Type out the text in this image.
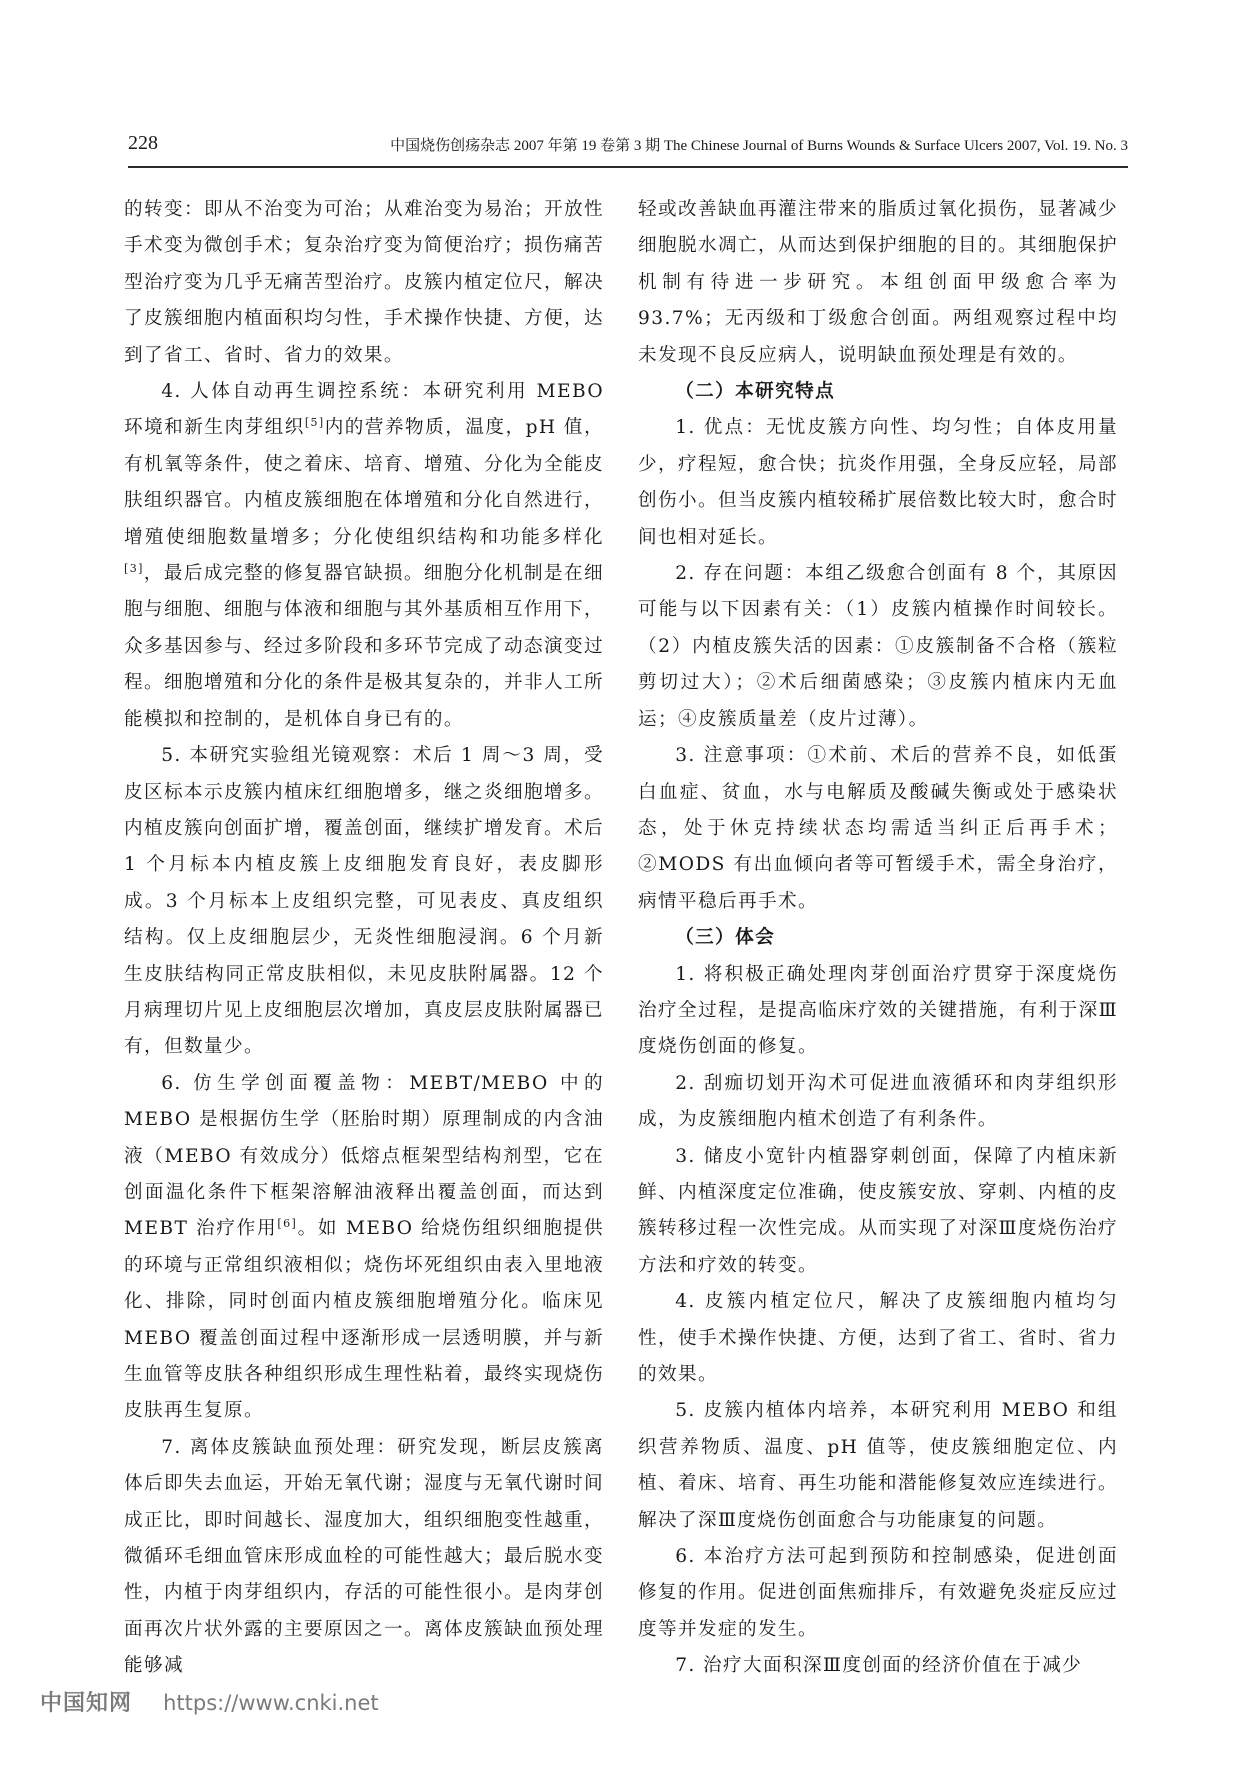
228	中国烧伤创疡杂志 2007 年第 19 卷第 3 期 The Chinese Journal of Burns Wounds & Surface Ulcers 2007, Vol. 19. No. 3

的转变：即从不治变为可治；从难治变为易治；开放性手术变为微创手术；复杂治疗变为简便治疗；损伤痛苦型治疗变为几乎无痛苦型治疗。皮簇内植定位尺，解决了皮簇细胞内植面积均匀性，手术操作快捷、方便，达到了省工、省时、省力的效果。

4. 人体自动再生调控系统：本研究利用 MEBO 环境和新生肉芽组织[5]内的营养物质，温度，pH 值，有机氧等条件，使之着床、培育、增殖、分化为全能皮肤组织器官。内植皮簇细胞在体增殖和分化自然进行，增殖使细胞数量增多；分化使组织结构和功能多样化[3]，最后成完整的修复器官缺损。细胞分化机制是在细胞与细胞、细胞与体液和细胞与其外基质相互作用下，众多基因参与、经过多阶段和多环节完成了动态演变过程。细胞增殖和分化的条件是极其复杂的，并非人工所能模拟和控制的，是机体自身已有的。

5. 本研究实验组光镜观察：术后 1 周～3 周，受皮区标本示皮簇内植床红细胞增多，继之炎细胞增多。内植皮簇向创面扩增，覆盖创面，继续扩增发育。术后 1 个月标本内植皮簇上皮细胞发育良好，表皮脚形成。3 个月标本上皮组织完整，可见表皮、真皮组织结构。仅上皮细胞层少，无炎性细胞浸润。6 个月新生皮肤结构同正常皮肤相似，未见皮肤附属器。12 个月病理切片见上皮细胞层次增加，真皮层皮肤附属器已有，但数量少。

6. 仿生学创面覆盖物：MEBT/MEBO 中的 MEBO 是根据仿生学（胚胎时期）原理制成的内含油液（MEBO 有效成分）低熔点框架型结构剂型，它在创面温化条件下框架溶解油液释出覆盖创面，而达到 MEBT 治疗作用[6]。如 MEBO 给烧伤组织细胞提供的环境与正常组织液相似；烧伤坏死组织由表入里地液化、排除，同时创面内植皮簇细胞增殖分化。临床见 MEBO 覆盖创面过程中逐渐形成一层透明膜，并与新生血管等皮肤各种组织形成生理性粘着，最终实现烧伤皮肤再生复原。

7. 离体皮簇缺血预处理：研究发现，断层皮簇离体后即失去血运，开始无氧代谢；湿度与无氧代谢时间成正比，即时间越长、湿度加大，组织细胞变性越重，微循环毛细血管床形成血栓的可能性越大；最后脱水变性，内植于肉芽组织内，存活的可能性很小。是肉芽创面再次片状外露的主要原因之一。离体皮簇缺血预处理能够减

轻或改善缺血再灌注带来的脂质过氧化损伤，显著减少细胞脱水凋亡，从而达到保护细胞的目的。其细胞保护机制有待进一步研究。本组创面甲级愈合率为 93.7%；无丙级和丁级愈合创面。两组观察过程中均未发现不良反应病人，说明缺血预处理是有效的。

（二）本研究特点

1. 优点：无忧皮簇方向性、均匀性；自体皮用量少，疗程短，愈合快；抗炎作用强，全身反应轻，局部创伤小。但当皮簇内植较稀扩展倍数比较大时，愈合时间也相对延长。

2. 存在问题：本组乙级愈合创面有 8 个，其原因可能与以下因素有关：（1）皮簇内植操作时间较长。（2）内植皮簇失活的因素：①皮簇制备不合格（簇粒剪切过大）；②术后细菌感染；③皮簇内植床内无血运；④皮簇质量差（皮片过薄）。

3. 注意事项：①术前、术后的营养不良，如低蛋白血症、贫血，水与电解质及酸碱失衡或处于感染状态，处于休克持续状态均需适当纠正后再手术；②MODS 有出血倾向者等可暂缓手术，需全身治疗，病情平稳后再手术。

（三）体会

1. 将积极正确处理肉芽创面治疗贯穿于深度烧伤治疗全过程，是提高临床疗效的关键措施，有利于深Ⅲ度烧伤创面的修复。

2. 刮痂切划开沟术可促进血液循环和肉芽组织形成，为皮簇细胞内植术创造了有利条件。

3. 储皮小宽针内植器穿刺创面，保障了内植床新鲜、内植深度定位准确，使皮簇安放、穿刺、内植的皮簇转移过程一次性完成。从而实现了对深Ⅲ度烧伤治疗方法和疗效的转变。

4. 皮簇内植定位尺，解决了皮簇细胞内植均匀性，使手术操作快捷、方便，达到了省工、省时、省力的效果。

5. 皮簇内植体内培养，本研究利用 MEBO 和组织营养物质、温度、pH 值等，使皮簇细胞定位、内植、着床、培育、再生功能和潜能修复效应连续进行。解决了深Ⅲ度烧伤创面愈合与功能康复的问题。

6. 本治疗方法可起到预防和控制感染，促进创面修复的作用。促进创面焦痂排斥，有效避免炎症反应过度等并发症的发生。

7. 治疗大面积深Ⅲ度创面的经济价值在于减少

中国知网 https://www.cnki.net
